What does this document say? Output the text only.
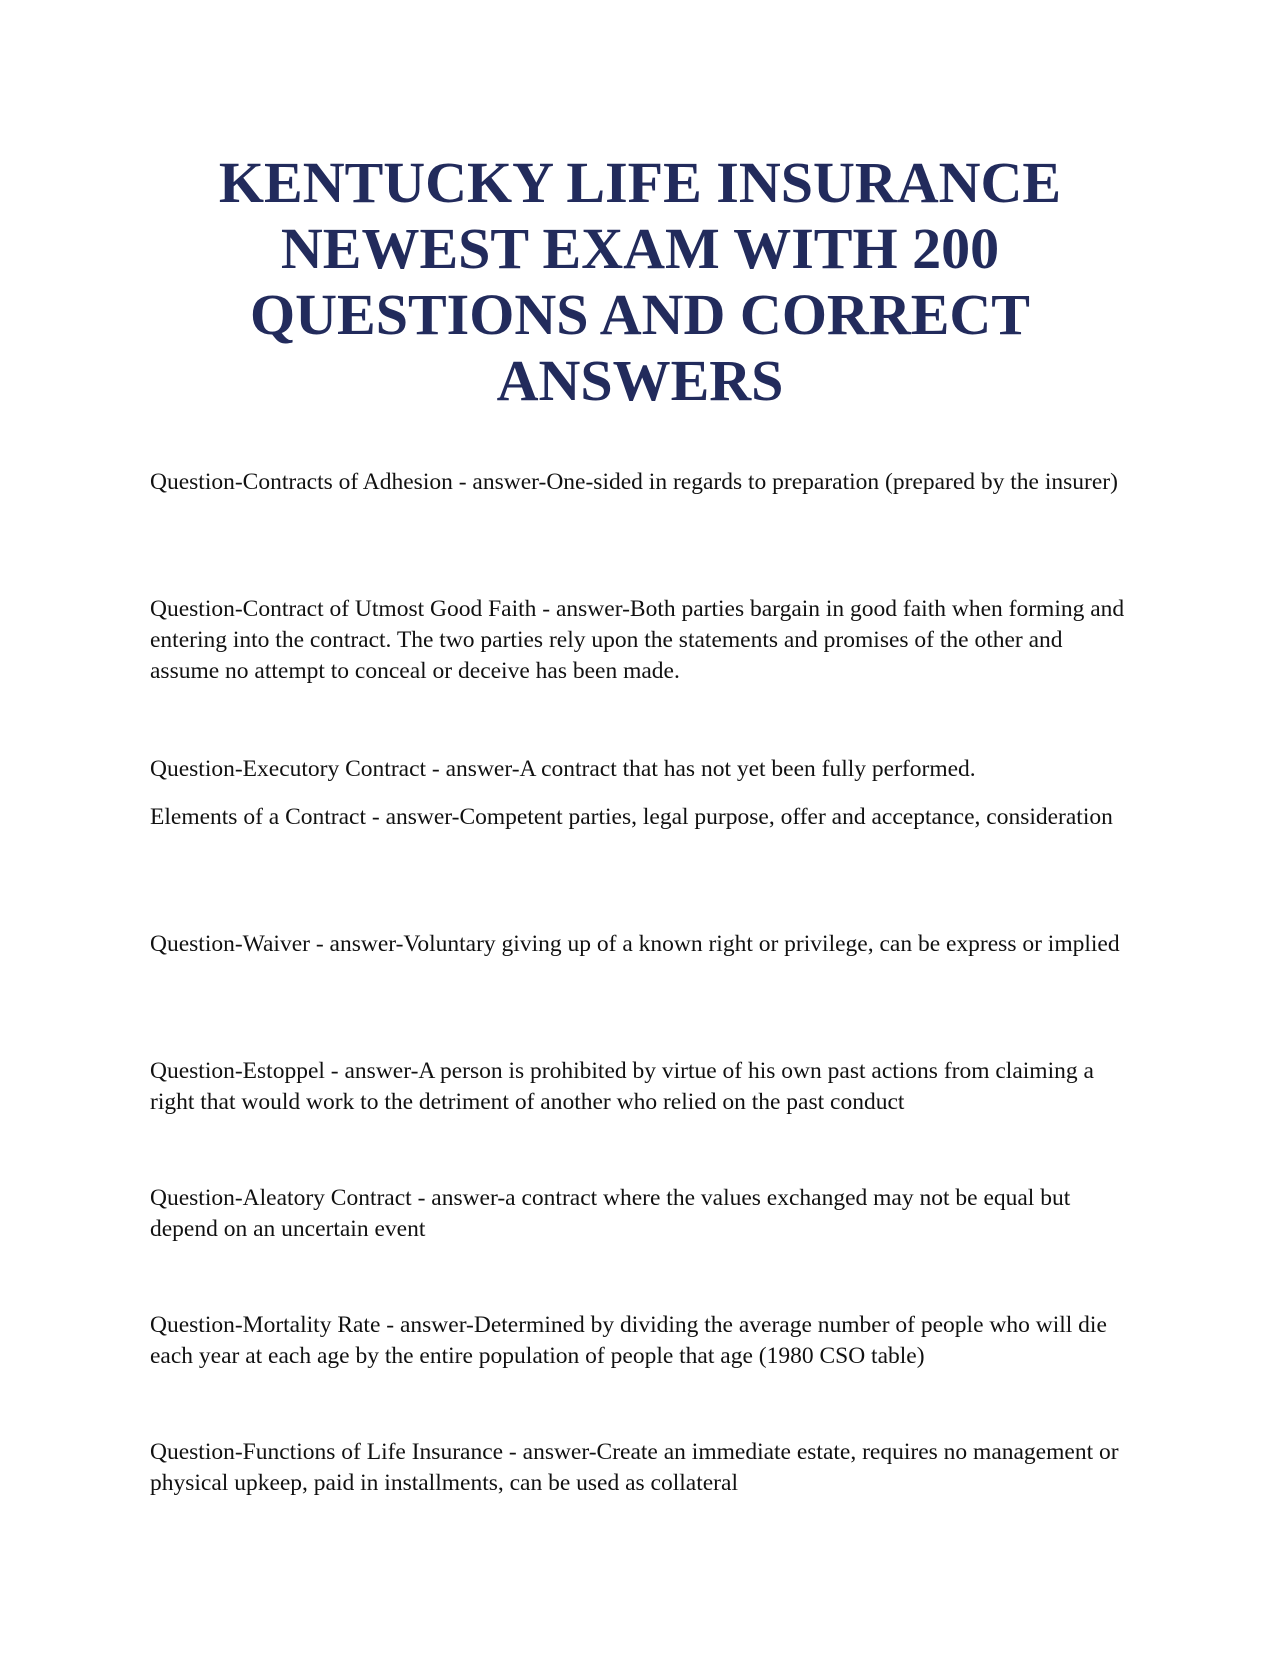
KENTUCKY LIFE INSURANCE
NEWEST EXAM WITH 200
QUESTIONS AND CORRECT
ANSWERS

Question-Contracts of Adhesion - answer-One-sided in regards to preparation (prepared by the insurer)

Question-Contract of Utmost Good Faith - answer-Both parties bargain in good faith when forming and entering into the contract. The two parties rely upon the statements and promises of the other and assume no attempt to conceal or deceive has been made.

Question-Executory Contract - answer-A contract that has not yet been fully performed.

Elements of a Contract - answer-Competent parties, legal purpose, offer and acceptance, consideration

Question-Waiver - answer-Voluntary giving up of a known right or privilege, can be express or implied

Question-Estoppel - answer-A person is prohibited by virtue of his own past actions from claiming a right that would work to the detriment of another who relied on the past conduct

Question-Aleatory Contract - answer-a contract where the values exchanged may not be equal but depend on an uncertain event

Question-Mortality Rate - answer-Determined by dividing the average number of people who will die each year at each age by the entire population of people that age (1980 CSO table)

Question-Functions of Life Insurance - answer-Create an immediate estate, requires no management or physical upkeep, paid in installments, can be used as collateral
